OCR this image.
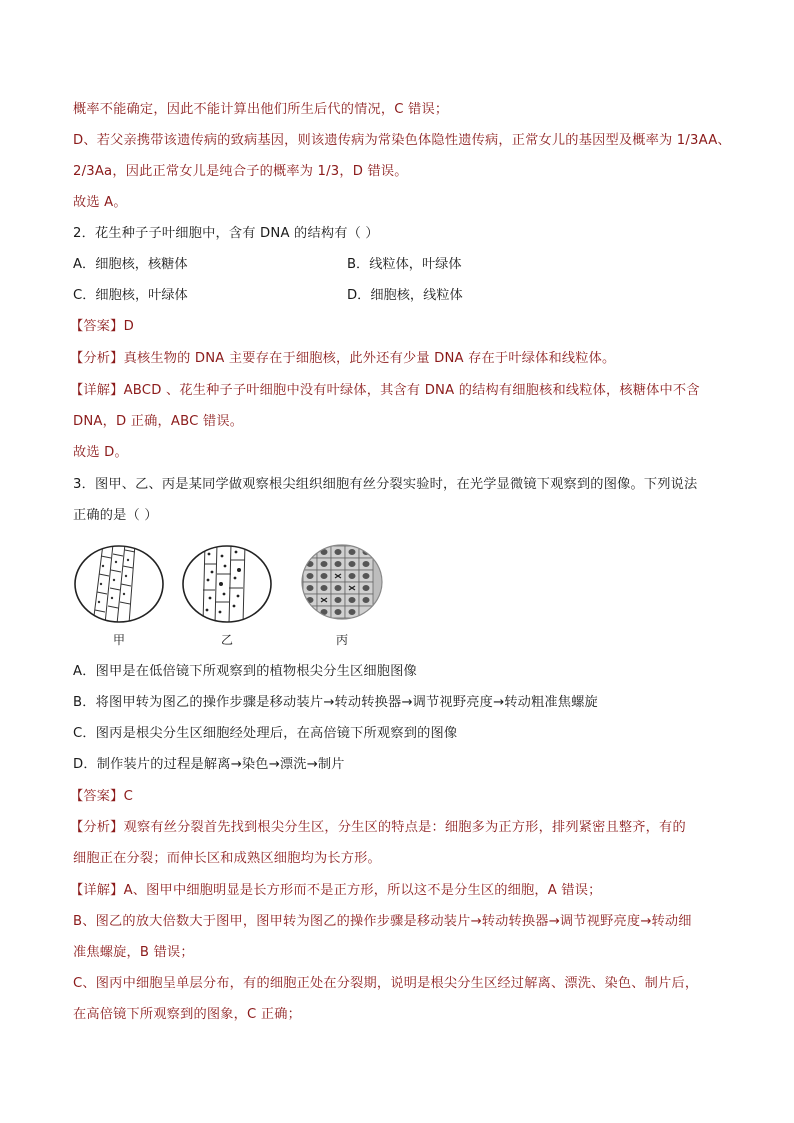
概率不能确定，因此不能计算出他们所生后代的情况，C 错误；
D、若父亲携带该遗传病的致病基因，则该遗传病为常染色体隐性遗传病，正常女儿的基因型及概率为 1/3AA、
2/3Aa，因此正常女儿是纯合子的概率为 1/3，D 错误。
故选 A。
2．花生种子子叶细胞中，含有 DNA 的结构有（ ）
A．细胞核，核糖体	B．线粒体，叶绿体
C．细胞核，叶绿体	D．细胞核，线粒体
【答案】D
【分析】真核生物的 DNA 主要存在于细胞核，此外还有少量 DNA 存在于叶绿体和线粒体。
【详解】ABCD 、花生种子子叶细胞中没有叶绿体，其含有 DNA 的结构有细胞核和线粒体，核糖体中不含
DNA，D 正确，ABC 错误。
故选 D。
3．图甲、乙、丙是某同学做观察根尖组织细胞有丝分裂实验时，在光学显微镜下观察到的图像。下列说法
正确的是（ ）
甲	乙	丙
A．图甲是在低倍镜下所观察到的植物根尖分生区细胞图像
B．将图甲转为图乙的操作步骤是移动装片→转动转换器→调节视野亮度→转动粗准焦螺旋
C．图丙是根尖分生区细胞经处理后，在高倍镜下所观察到的图像
D．制作装片的过程是解离→染色→漂洗→制片
【答案】C
【分析】观察有丝分裂首先找到根尖分生区，分生区的特点是：细胞多为正方形，排列紧密且整齐，有的
细胞正在分裂；而伸长区和成熟区细胞均为长方形。
【详解】A、图甲中细胞明显是长方形而不是正方形，所以这不是分生区的细胞，A 错误；
B、图乙的放大倍数大于图甲，图甲转为图乙的操作步骤是移动装片→转动转换器→调节视野亮度→转动细
准焦螺旋，B 错误；
C、图丙中细胞呈单层分布，有的细胞正处在分裂期，说明是根尖分生区经过解离、漂洗、染色、制片后，
在高倍镜下所观察到的图象，C 正确；
